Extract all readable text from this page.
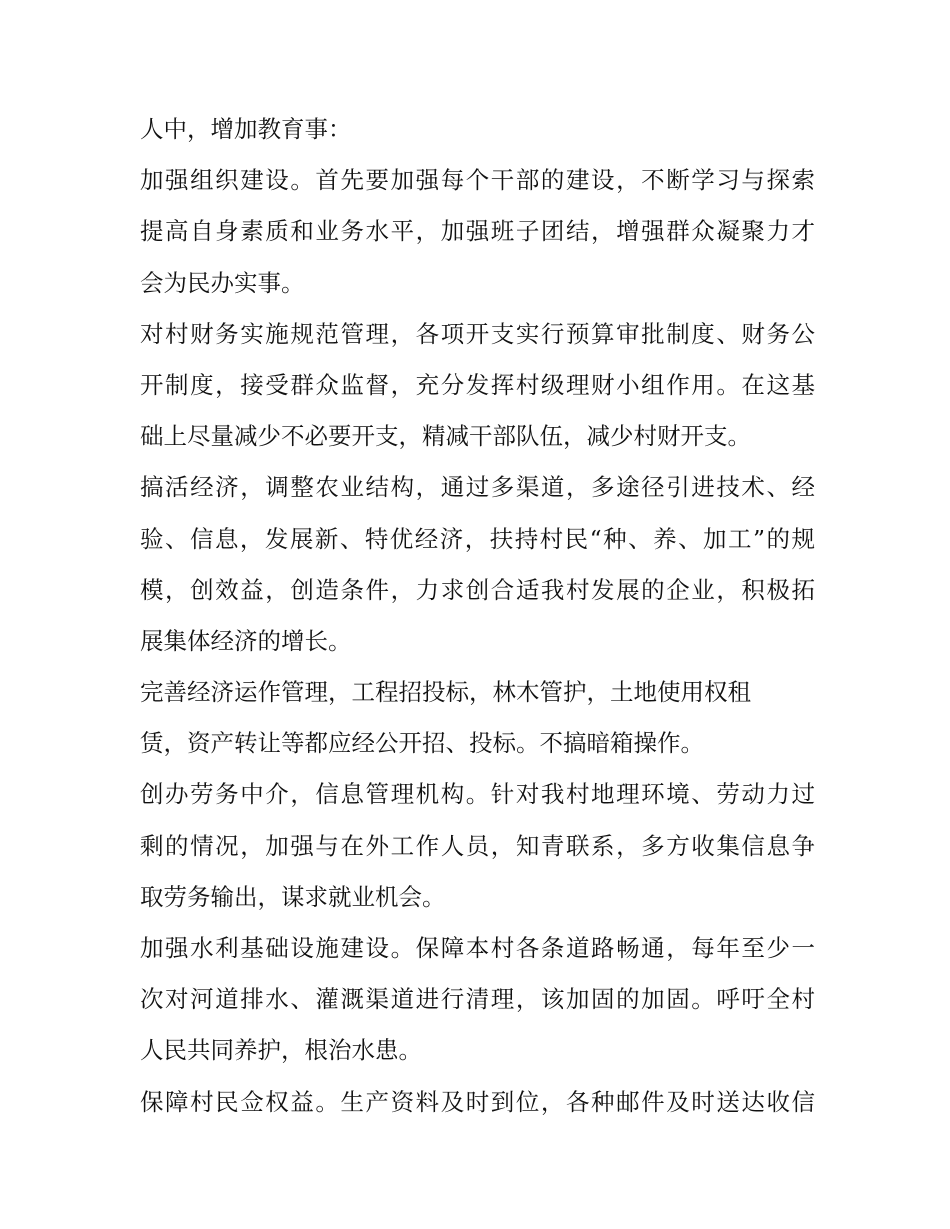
人中，增加教育事：
加强组织建设。首先要加强每个干部的建设，不断学习与探索
提高自身素质和业务水平，加强班子团结，增强群众凝聚力才
会为民办实事。
对村财务实施规范管理，各项开支实行预算审批制度、财务公
开制度，接受群众监督，充分发挥村级理财小组作用。在这基
础上尽量减少不必要开支，精减干部队伍，减少村财开支。
搞活经济，调整农业结构，通过多渠道，多途径引进技术、经
验、信息，发展新、特优经济，扶持村民“种、养、加工”的规
模，创效益，创造条件，力求创合适我村发展的企业，积极拓
展集体经济的增长。
完善经济运作管理，工程招投标，林木管护，土地使用权租
赁，资产转让等都应经公开招、投标。不搞暗箱操作。
创办劳务中介，信息管理机构。针对我村地理环境、劳动力过
剩的情况，加强与在外工作人员，知青联系，多方收集信息争
取劳务输出，谋求就业机会。
加强水利基础设施建设。保障本村各条道路畅通，每年至少一
次对河道排水、灌溉渠道进行清理，该加固的加固。呼吁全村
人民共同养护，根治水患。
保障村民佥权益。生产资料及时到位，各种邮件及时送达收信
